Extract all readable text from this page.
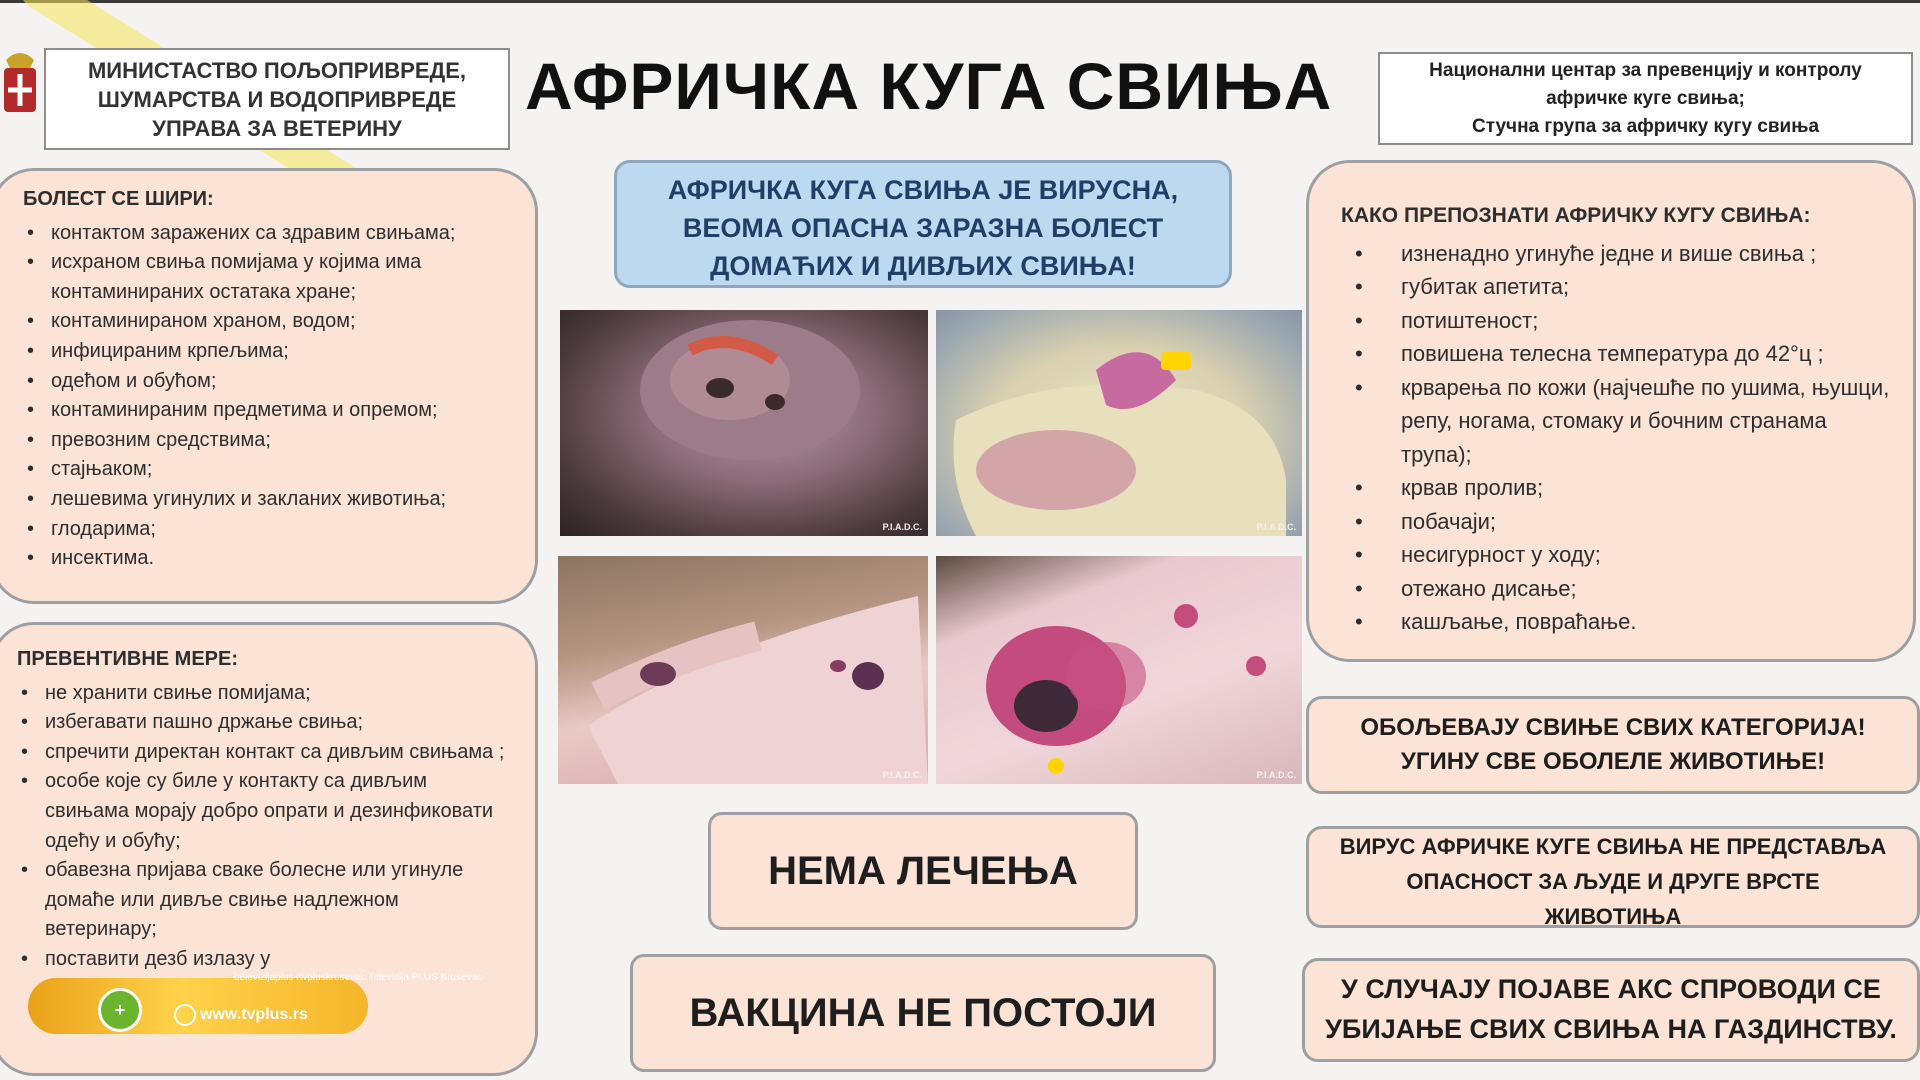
МИНИСТАСТВО ПОЉОПРИВРЕДЕ,
ШУМАРСТВА И ВОДОПРИВРЕДЕ
УПРАВА ЗА ВЕТЕРИНУ
АФРИЧКА КУГА СВИЊА	Национални центар за превенцију и контролу
афричке куге свиња;
Стучна група за афричку кугу свиња
АФРИЧКА КУГА СВИЊА ЈЕ ВИРУСНА,
ВЕОМА ОПАСНА ЗАРАЗНА БОЛЕСТ
ДОМАЋИХ И ДИВЉИХ СВИЊА!
БОЛЕСТ СЕ ШИРИ:
• контактом заражених са здравим свињама;
• исхраном свиња помијама у којима има контаминираних остатака хране;
• контаминираном храном, водом;
• инфицираним крпељима;
• одећом и обућом;
• контаминираним предметима и опремом;
• превозним средствима;
• стајњаком;
• лешевима угинулих и закланих животиња;
• глодарима;
• инсектима.
ПРЕВЕНТИВНЕ МЕРЕ:
• не хранити свиње помијама;
• избегавати пашно држање свиња;
• спречити директан контакт са дивљим свињама ;
• особе које су биле у контакту са дивљим свињама морају добро опрати и дезинфиковати одећу и обућу;
• обавезна пријава сваке болесне или угинуле домаће или дивље свиње надлежном ветеринару;
• поставити дезб излазу у
КАКО ПРЕПОЗНАТИ АФРИЧКУ КУГУ СВИЊА:
• изненадно угинуће једне и више свиња ;
• губитак апетита;
• потиштеност;
• повишена телесна температура до 42°ц ;
• крварења по кожи (најчешће по ушима, њушци, репу, ногама, стомаку и бочним странама трупа);
• крвав пролив;
• побачаји;
• несигурност у ходу;
• отежано дисање;
• кашљање, повраћање.
P.I.A.D.C.	P.I.A.D.C.
P.I.A.D.C.	P.I.A.D.C.
НЕМА ЛЕЧЕЊА
ВАКЦИНА НЕ ПОСТОЈИ
ОБОЉЕВАЈУ СВИЊЕ СВИХ КАТЕГОРИЈА!
УГИНУ СВЕ ОБОЛЕЛЕ ЖИВОТИЊЕ!
ВИРУС АФРИЧКЕ КУГЕ СВИЊА НЕ ПРЕДСТАВЉА
ОПАСНОСТ ЗА ЉУДЕ И ДРУГЕ ВРСТЕ
ЖИВОТИЊА
У СЛУЧАЈУ ПОЈАВЕ АКС СПРОВОДИ СЕ
УБИЈАЊЕ СВИХ СВИЊА НА ГАЗДИНСТВУ.
+
belevizijaplus rtvpluskrusevac Televizija PLUS Krusevac
www.tvplus.rs
